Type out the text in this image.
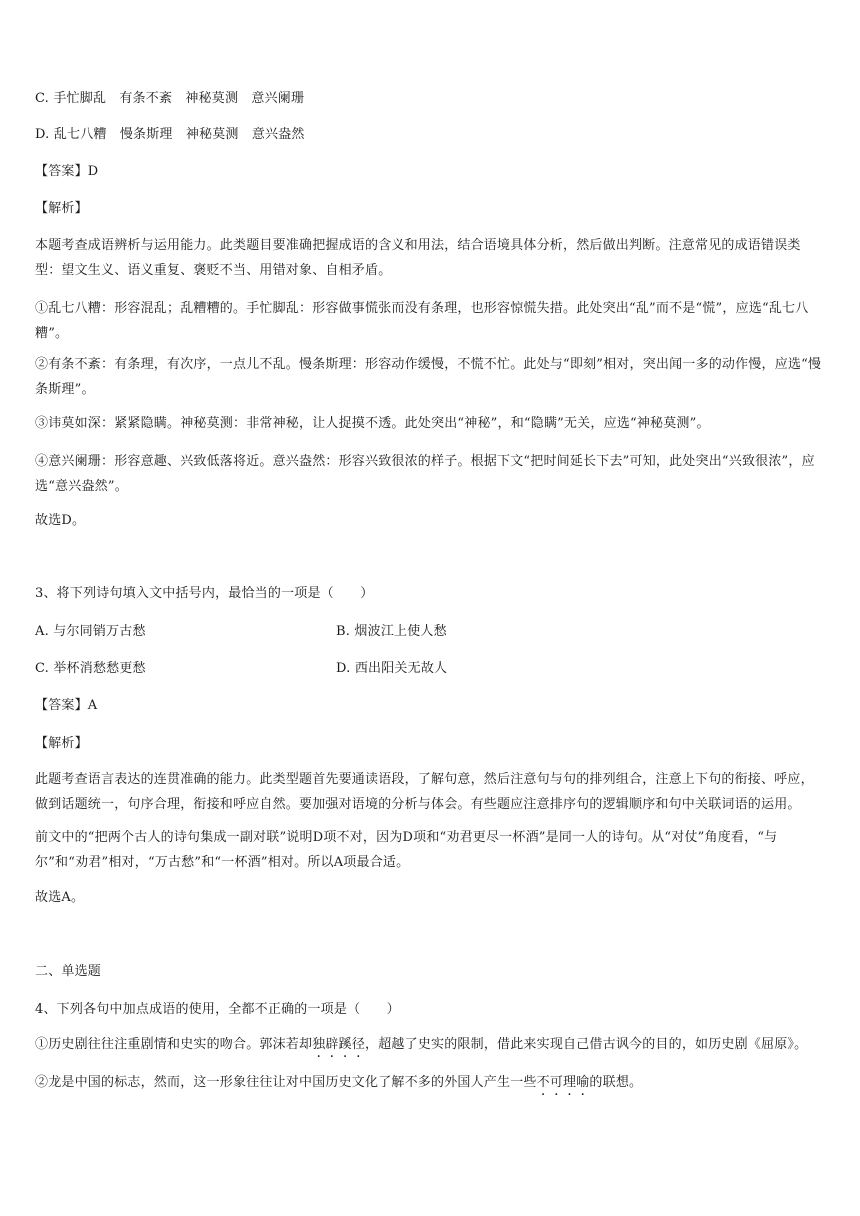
C. 手忙脚乱　有条不紊　神秘莫测　意兴阑珊
D. 乱七八糟　慢条斯理　神秘莫测　意兴盎然
【答案】D
【解析】
本题考查成语辨析与运用能力。此类题目要准确把握成语的含义和用法，结合语境具体分析，然后做出判断。注意常见的成语错误类型：望文生义、语义重复、褒贬不当、用错对象、自相矛盾。
①乱七八糟：形容混乱；乱糟糟的。手忙脚乱：形容做事慌张而没有条理，也形容惊慌失措。此处突出“乱”而不是“慌”，应选“乱七八糟”。
②有条不紊：有条理，有次序，一点儿不乱。慢条斯理：形容动作缓慢，不慌不忙。此处与“即刻”相对，突出闻一多的动作慢，应选“慢条斯理”。
③讳莫如深：紧紧隐瞒。神秘莫测：非常神秘，让人捉摸不透。此处突出“神秘”，和“隐瞒”无关，应选“神秘莫测”。
④意兴阑珊：形容意趣、兴致低落将近。意兴盎然：形容兴致很浓的样子。根据下文“把时间延长下去”可知，此处突出“兴致很浓”，应选“意兴盎然”。
故选D。
3、将下列诗句填入文中括号内，最恰当的一项是（　　）
A. 与尔同销万古愁	B. 烟波江上使人愁
C. 举杯消愁愁更愁	D. 西出阳关无故人
【答案】A
【解析】
此题考查语言表达的连贯准确的能力。此类型题首先要通读语段，了解句意，然后注意句与句的排列组合，注意上下句的衔接、呼应，做到话题统一，句序合理，衔接和呼应自然。要加强对语境的分析与体会。有些题应注意排序句的逻辑顺序和句中关联词语的运用。
前文中的“把两个古人的诗句集成一副对联”说明D项不对，因为D项和“劝君更尽一杯酒”是同一人的诗句。从“对仗”角度看，“与尔”和“劝君”相对，“万古愁”和“一杯酒”相对。所以A项最合适。
故选A。
二、单选题
4、下列各句中加点成语的使用，全都不正确的一项是（　　）
①历史剧往往注重剧情和史实的吻合。郭沫若却独辟蹊径，超越了史实的限制，借此来实现自己借古讽今的目的，如历史剧《屈原》。
②龙是中国的标志，然而，这一形象往往让对中国历史文化了解不多的外国人产生一些不可理喻的联想。
